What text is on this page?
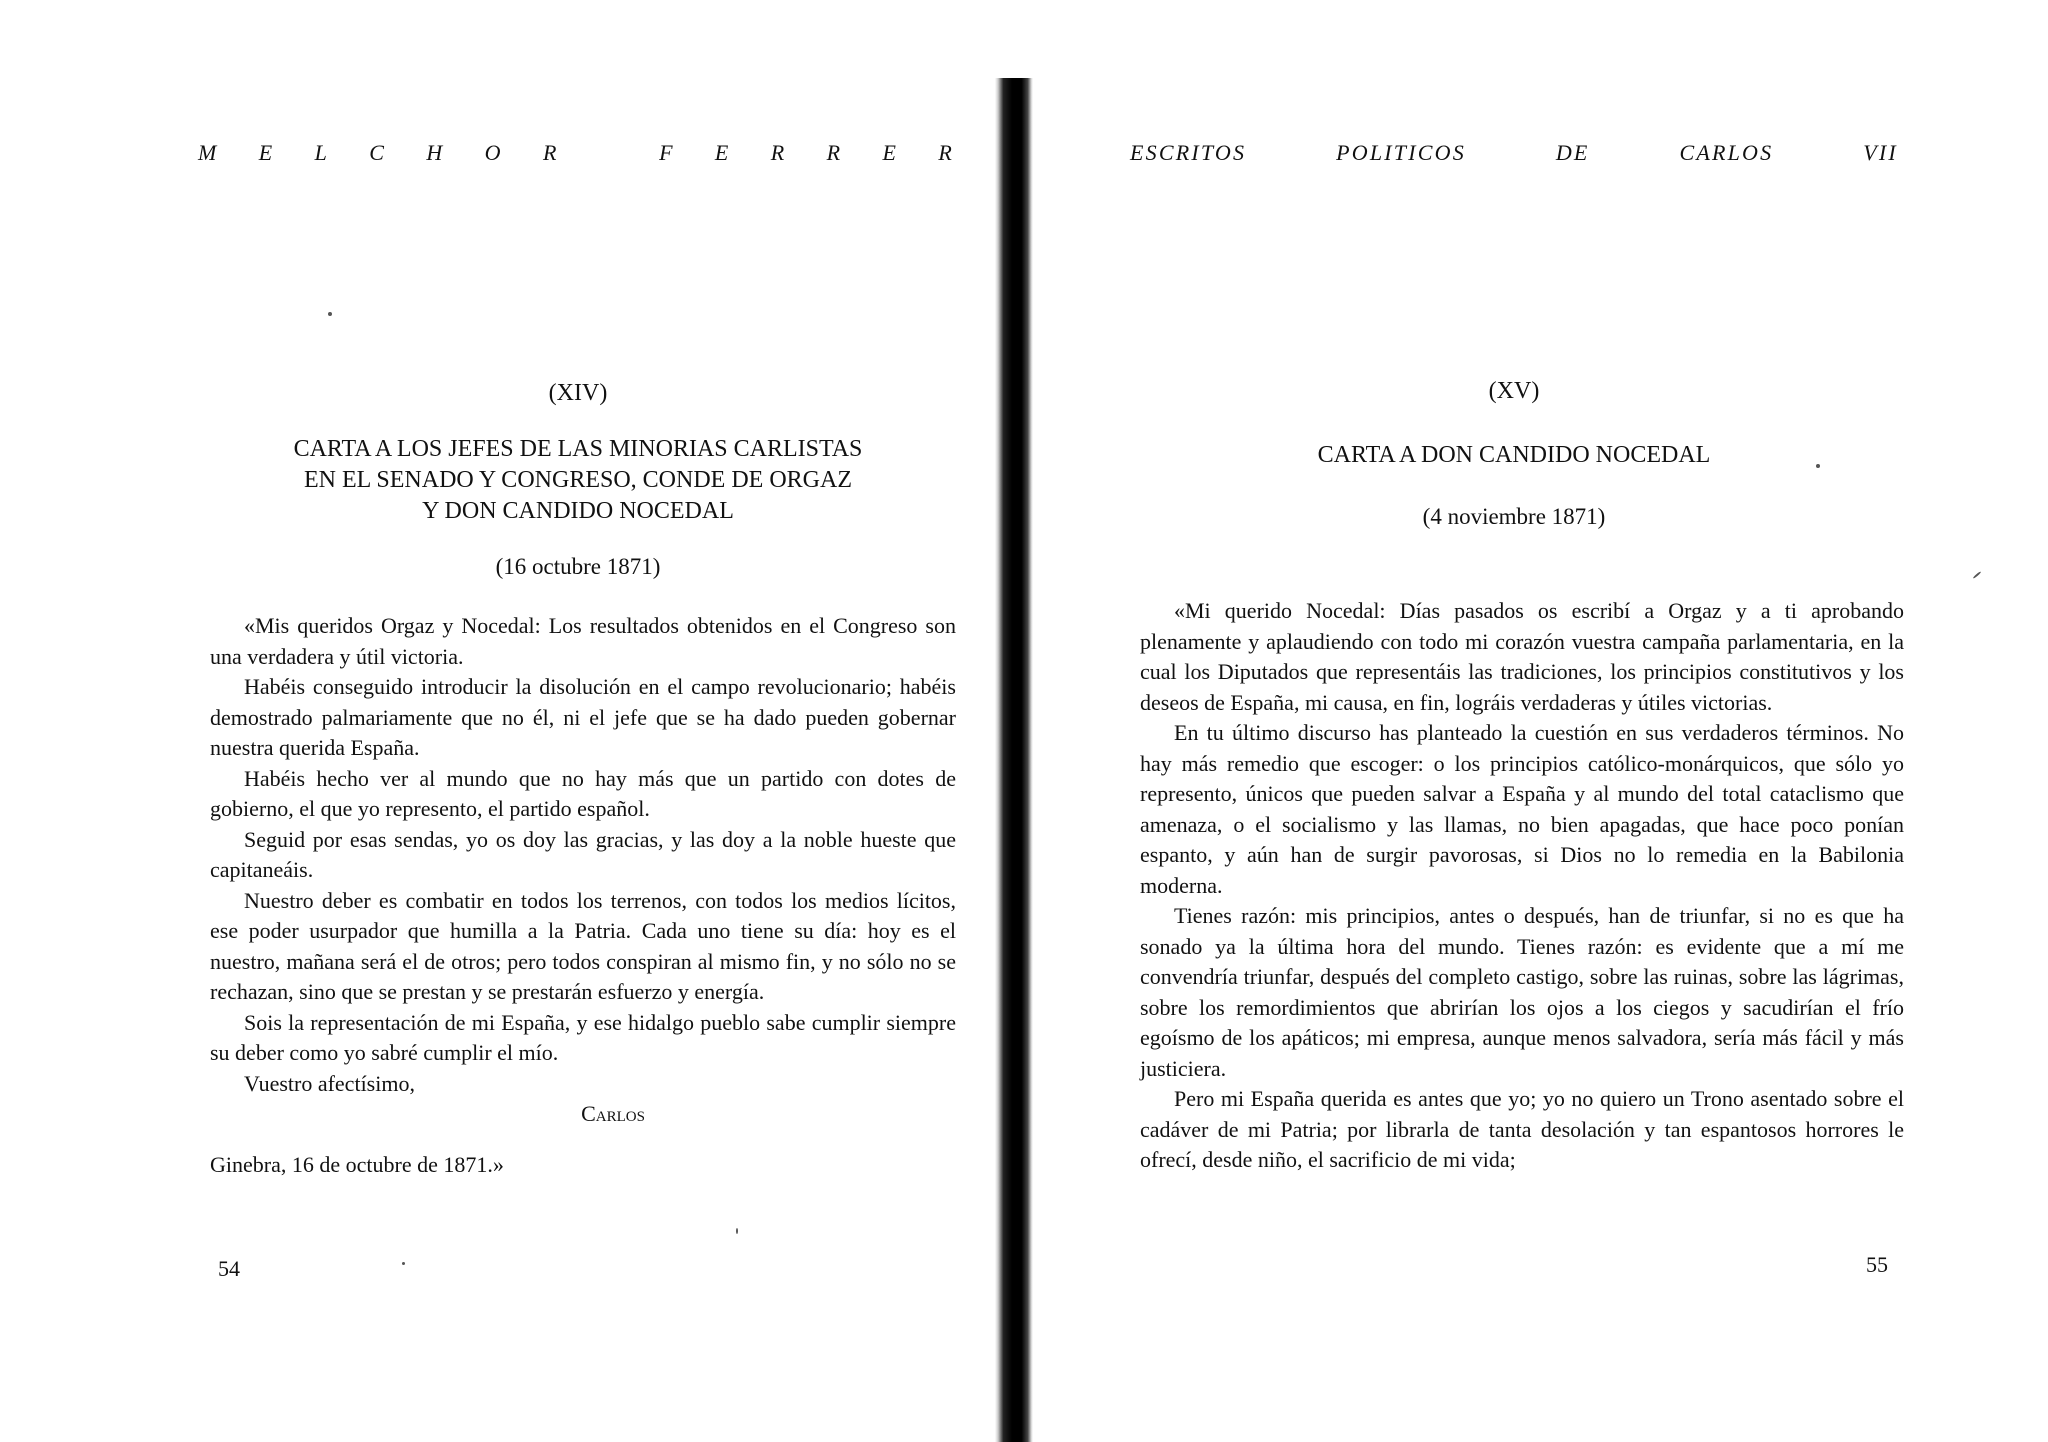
M E L C H O R	F E R R E R
(XIV)
CARTA A LOS JEFES DE LAS MINORIAS CARLISTAS
EN EL SENADO Y CONGRESO, CONDE DE ORGAZ
Y DON CANDIDO NOCEDAL
(16 octubre 1871)

«Mis queridos Orgaz y Nocedal: Los resultados obtenidos en el Congreso son una verdadera y útil victoria.

Habéis conseguido introducir la disolución en el campo revolucionario; habéis demostrado palmariamente que no él, ni el jefe que se ha dado pueden gobernar nuestra querida España.

Habéis hecho ver al mundo que no hay más que un partido con dotes de gobierno, el que yo represento, el partido español.

Seguid por esas sendas, yo os doy las gracias, y las doy a la noble hueste que capitaneáis.

Nuestro deber es combatir en todos los terrenos, con todos los medios lícitos, ese poder usurpador que humilla a la Patria. Cada uno tiene su día: hoy es el nuestro, mañana será el de otros; pero todos conspiran al mismo fin, y no sólo no se rechazan, sino que se prestan y se prestarán esfuerzo y energía.

Sois la representación de mi España, y ese hidalgo pueblo sabe cumplir siempre su deber como yo sabré cumplir el mío.

Vuestro afectísimo,

Carlos

Ginebra, 16 de octubre de 1871.»

54
ESCRITOS	POLITICOS	DE	CARLOS	VII
(XV)
CARTA A DON CANDIDO NOCEDAL
(4 noviembre 1871)

«Mi querido Nocedal: Días pasados os escribí a Orgaz y a ti aprobando plenamente y aplaudiendo con todo mi corazón vuestra campaña parlamentaria, en la cual los Diputados que representáis las tradiciones, los principios constitutivos y los deseos de España, mi causa, en fin, lográis verdaderas y útiles victorias.

En tu último discurso has planteado la cuestión en sus verdaderos términos. No hay más remedio que escoger: o los principios católico-monárquicos, que sólo yo represento, únicos que pueden salvar a España y al mundo del total cataclismo que amenaza, o el socialismo y las llamas, no bien apagadas, que hace poco ponían espanto, y aún han de surgir pavorosas, si Dios no lo remedia en la Babilonia moderna.

Tienes razón: mis principios, antes o después, han de triunfar, si no es que ha sonado ya la última hora del mundo. Tienes razón: es evidente que a mí me convendría triunfar, después del completo castigo, sobre las ruinas, sobre las lágrimas, sobre los remordimientos que abrirían los ojos a los ciegos y sacudirían el frío egoísmo de los apáticos; mi empresa, aunque menos salvadora, sería más fácil y más justiciera.

Pero mi España querida es antes que yo; yo no quiero un Trono asentado sobre el cadáver de mi Patria; por librarla de tanta desolación y tan espantosos horrores le ofrecí, desde niño, el sacrificio de mi vida;

55
